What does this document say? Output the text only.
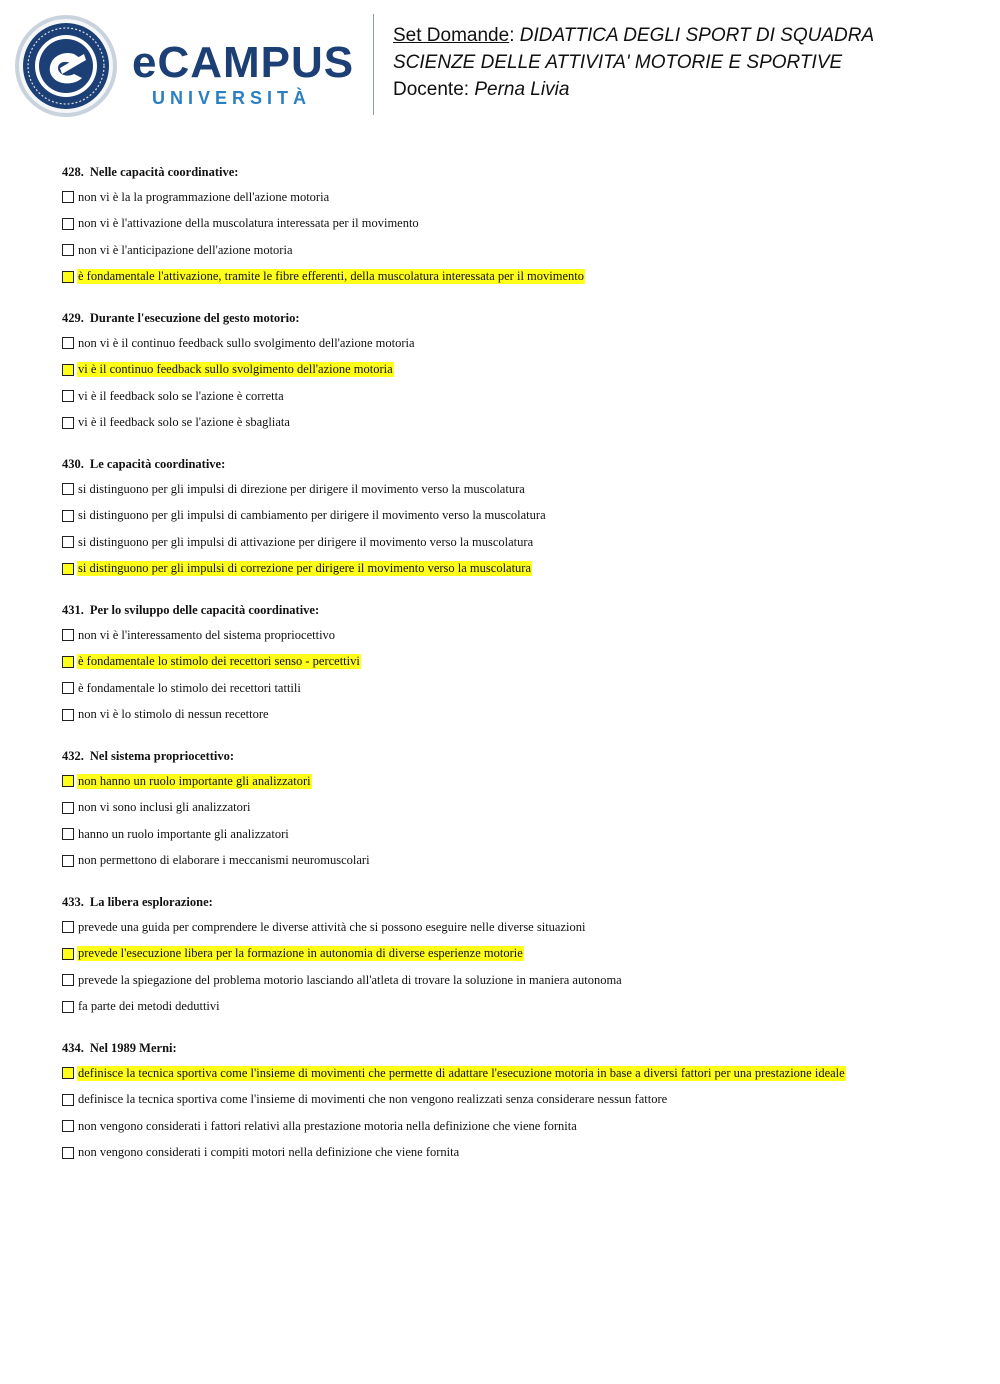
eCAMPUS
UNIVERSITÀ
Set Domande: DIDATTICA DEGLI SPORT DI SQUADRA
SCIENZE DELLE ATTIVITA' MOTORIE E SPORTIVE
Docente: Perna Livia
428. Nelle capacità coordinative:
non vi è la la programmazione dell'azione motoria
non vi è l'attivazione della muscolatura interessata per il movimento
non vi è l'anticipazione dell'azione motoria
è fondamentale l'attivazione, tramite le fibre efferenti, della muscolatura interessata per il movimento
429. Durante l'esecuzione del gesto motorio:
non vi è il continuo feedback sullo svolgimento dell'azione motoria
vi è il continuo feedback sullo svolgimento dell'azione motoria
vi è il feedback solo se l'azione è corretta
vi è il feedback solo se l'azione è sbagliata
430. Le capacità coordinative:
si distinguono per gli impulsi di direzione per dirigere il movimento verso la muscolatura
si distinguono per gli impulsi di cambiamento per dirigere il movimento verso la muscolatura
si distinguono per gli impulsi di attivazione per dirigere il movimento verso la muscolatura
si distinguono per gli impulsi di correzione per dirigere il movimento verso la muscolatura
431. Per lo sviluppo delle capacità coordinative:
non vi è l'interessamento del sistema propriocettivo
è fondamentale lo stimolo dei recettori senso - percettivi
è fondamentale lo stimolo dei recettori tattili
non vi è lo stimolo di nessun recettore
432. Nel sistema propriocettivo:
non hanno un ruolo importante gli analizzatori
non vi sono inclusi gli analizzatori
hanno un ruolo importante gli analizzatori
non permettono di elaborare i meccanismi neuromuscolari
433. La libera esplorazione:
prevede una guida per comprendere le diverse attività che si possono eseguire nelle diverse situazioni
prevede l'esecuzione libera per la formazione in autonomia di diverse esperienze motorie
prevede la spiegazione del problema motorio lasciando all'atleta di trovare la soluzione in maniera autonoma
fa parte dei metodi deduttivi
434. Nel 1989 Merni:
definisce la tecnica sportiva come l'insieme di movimenti che permette di adattare l'esecuzione motoria in base a diversi fattori per una prestazione ideale
definisce la tecnica sportiva come l'insieme di movimenti che non vengono realizzati senza considerare nessun fattore
non vengono considerati i fattori relativi alla prestazione motoria nella definizione che viene fornita
non vengono considerati i compiti motori nella definizione che viene fornita
